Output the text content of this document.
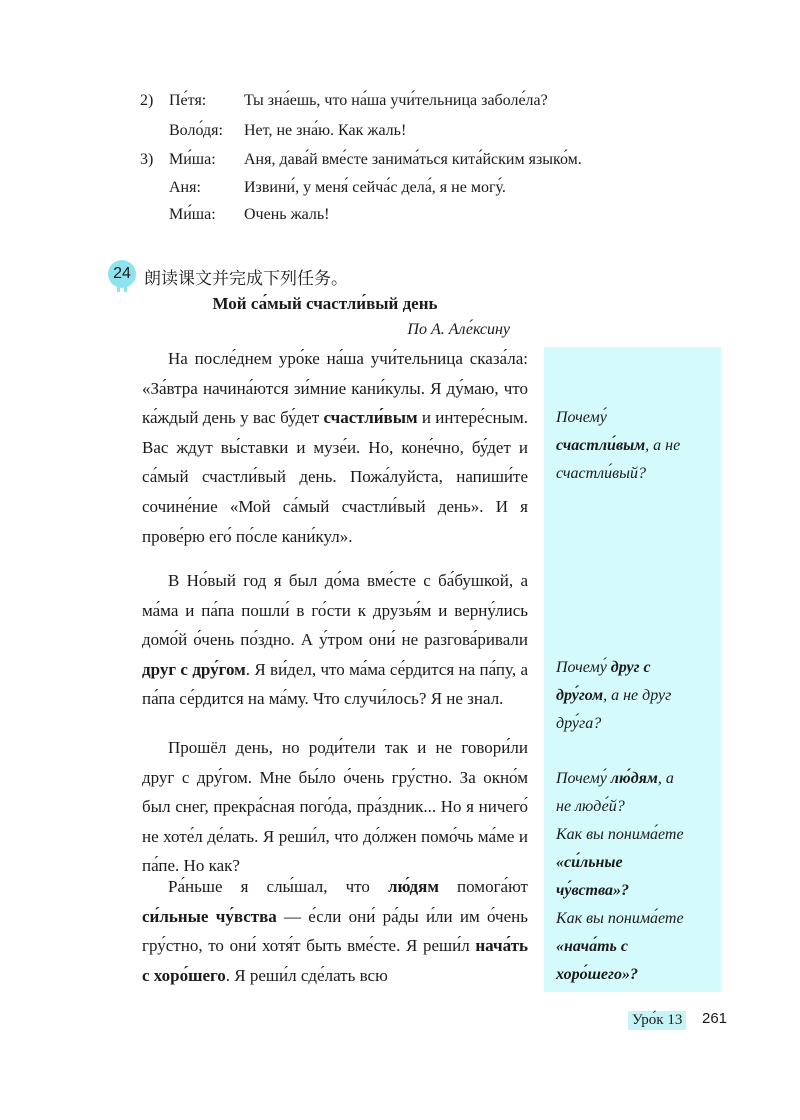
2) Пе́тя: Ты зна́ешь, что на́ша учи́тельница заболе́ла?
Воло́дя: Нет, не зна́ю. Как жаль!
3) Ми́ша: Аня, дава́й вме́сте занима́ться кита́йским языко́м.
Аня:	Извини́, у меня́ сейча́с дела́, я не могу́.
Ми́ша: Очень жаль!
24 朗读课文并完成下列任务。
Мой са́мый счастли́вый день
По А. Але́ксину
Почему́
счастли́вым, а не
счастли́вый?
Почему́ друг с
дру́гом, а не друг
дру́га?
Почему́ лю́дям, а
не люде́й?
Как вы понима́ете
«си́льные
чу́вства»?
Как вы понима́ете
«нача́ть с
хоро́шего»?
На после́днем уро́ке на́ша учи́тельница сказа́ла: «За́втра начина́ются зи́мние кани́кулы. Я ду́маю, что ка́ждый день у вас бу́дет счастли́вым и интере́сным. Вас ждут вы́ставки и музе́и. Но, коне́чно, бу́дет и са́мый счастли́вый день. Пожа́луйста, напиши́те сочине́ние «Мой са́мый счастли́вый день». И я прове́рю его́ по́сле кани́кул».
В Но́вый год я был до́ма вме́сте с ба́бушкой, а ма́ма и па́па пошли́ в го́сти к друзья́м и верну́лись домо́й о́чень по́здно. А у́тром они́ не разгова́ривали друг с дру́гом. Я ви́дел, что ма́ма се́рдится на па́пу, а па́па се́рдится на ма́му. Что случи́лось? Я не знал.
Прошёл день, но роди́тели так и не говори́ли друг с дру́гом. Мне бы́ло о́чень гру́стно. За окно́м был снег, прекра́сная пого́да, пра́здник... Но я ничего́ не хоте́л де́лать. Я реши́л, что до́лжен помо́чь ма́ме и па́пе. Но как?
Ра́ньше я слы́шал, что лю́дям помога́ют си́льные чу́вства — е́сли они́ ра́ды и́ли им о́чень гру́стно, то они́ хотя́т быть вме́сте. Я реши́л нача́ть с хоро́шего. Я реши́л сде́лать всю
Уро́к 13 261
